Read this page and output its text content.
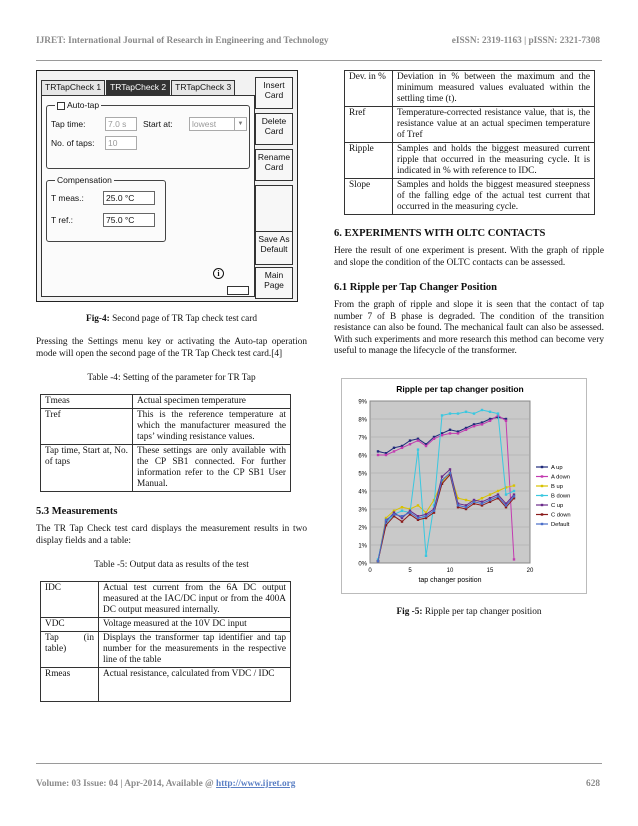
IJRET: International Journal of Research in Engineering and Technology	eISSN: 2319-1163 | pISSN: 2321-7308
TRTapCheck 1	TRTapCheck 2	TRTapCheck 3
Auto-tap
Tap time:	7.0 s	Start at:	lowest	▼
No. of taps:	10
Compensation
T meas.:	25.0 °C
T ref.:	75.0 °C
Insert
Card
Delete
Card
Rename
Card
Save As
Default
Main
Page
i
Fig-4: Second page of TR Tap check test card
Pressing the Settings menu key or activating the Auto-tap operation mode will open the second page of the TR Tap Check test card.[4]
Table -4: Setting of the parameter for TR Tap
Tmeas	Actual specimen temperature
Tref	This is the reference temperature at which the manufacturer measured the taps’ winding resistance values.
Tap time, Start at, No. of taps	These settings are only available with the CP SB1 connected. For further information refer to the CP SB1 User Manual.
5.3 Measurements
The TR Tap Check test card displays the measurement results in two display fields and a table:
Table -5: Output data as results of the test
IDC	Actual test current from the 6A DC output measured at the IAC/DC input or from the 400A DC output measured internally.
VDC	Voltage measured at the 10V DC input
Tap (in table)	Displays the transformer tap identifier and tap number for the measurements in the respective line of the table
Rmeas	Actual resistance, calculated from VDC / IDC
Dev. in %	Deviation in % between the maximum and the minimum measured values evaluated within the settling time (t).
Rref	Temperature-corrected resistance value, that is, the resistance value at an actual specimen temperature of Tref
Ripple	Samples and holds the biggest measured current ripple that occurred in the measuring cycle. It is indicated in % with reference to IDC.
Slope	Samples and holds the biggest measured steepness of the falling edge of the actual test current that occurred in the measuring cycle.
6. EXPERIMENTS WITH OLTC CONTACTS
Here the result of one experiment is present. With the graph of ripple and slope the condition of the OLTC contacts can be assessed.
6.1 Ripple per Tap Changer Position
From the graph of ripple and slope it is seen that the contact of tap number 7 of B phase is degraded. The condition of the transition resistance can also be found. The mechanical fault can also be assessed. With such experiments and more research this method can become very useful to manage the lifecycle of the transformer.
Ripple per tap changer position
0%
1%
2%
3%
4%
5%
6%
7%
8%
9%
0	5	10	15	20
tap changer position
A up
A down
B up
B down
C up
C down
Default
Fig -5: Ripple per tap changer position
Volume: 03 Issue: 04 | Apr-2014, Available @ http://www.ijret.org	628
